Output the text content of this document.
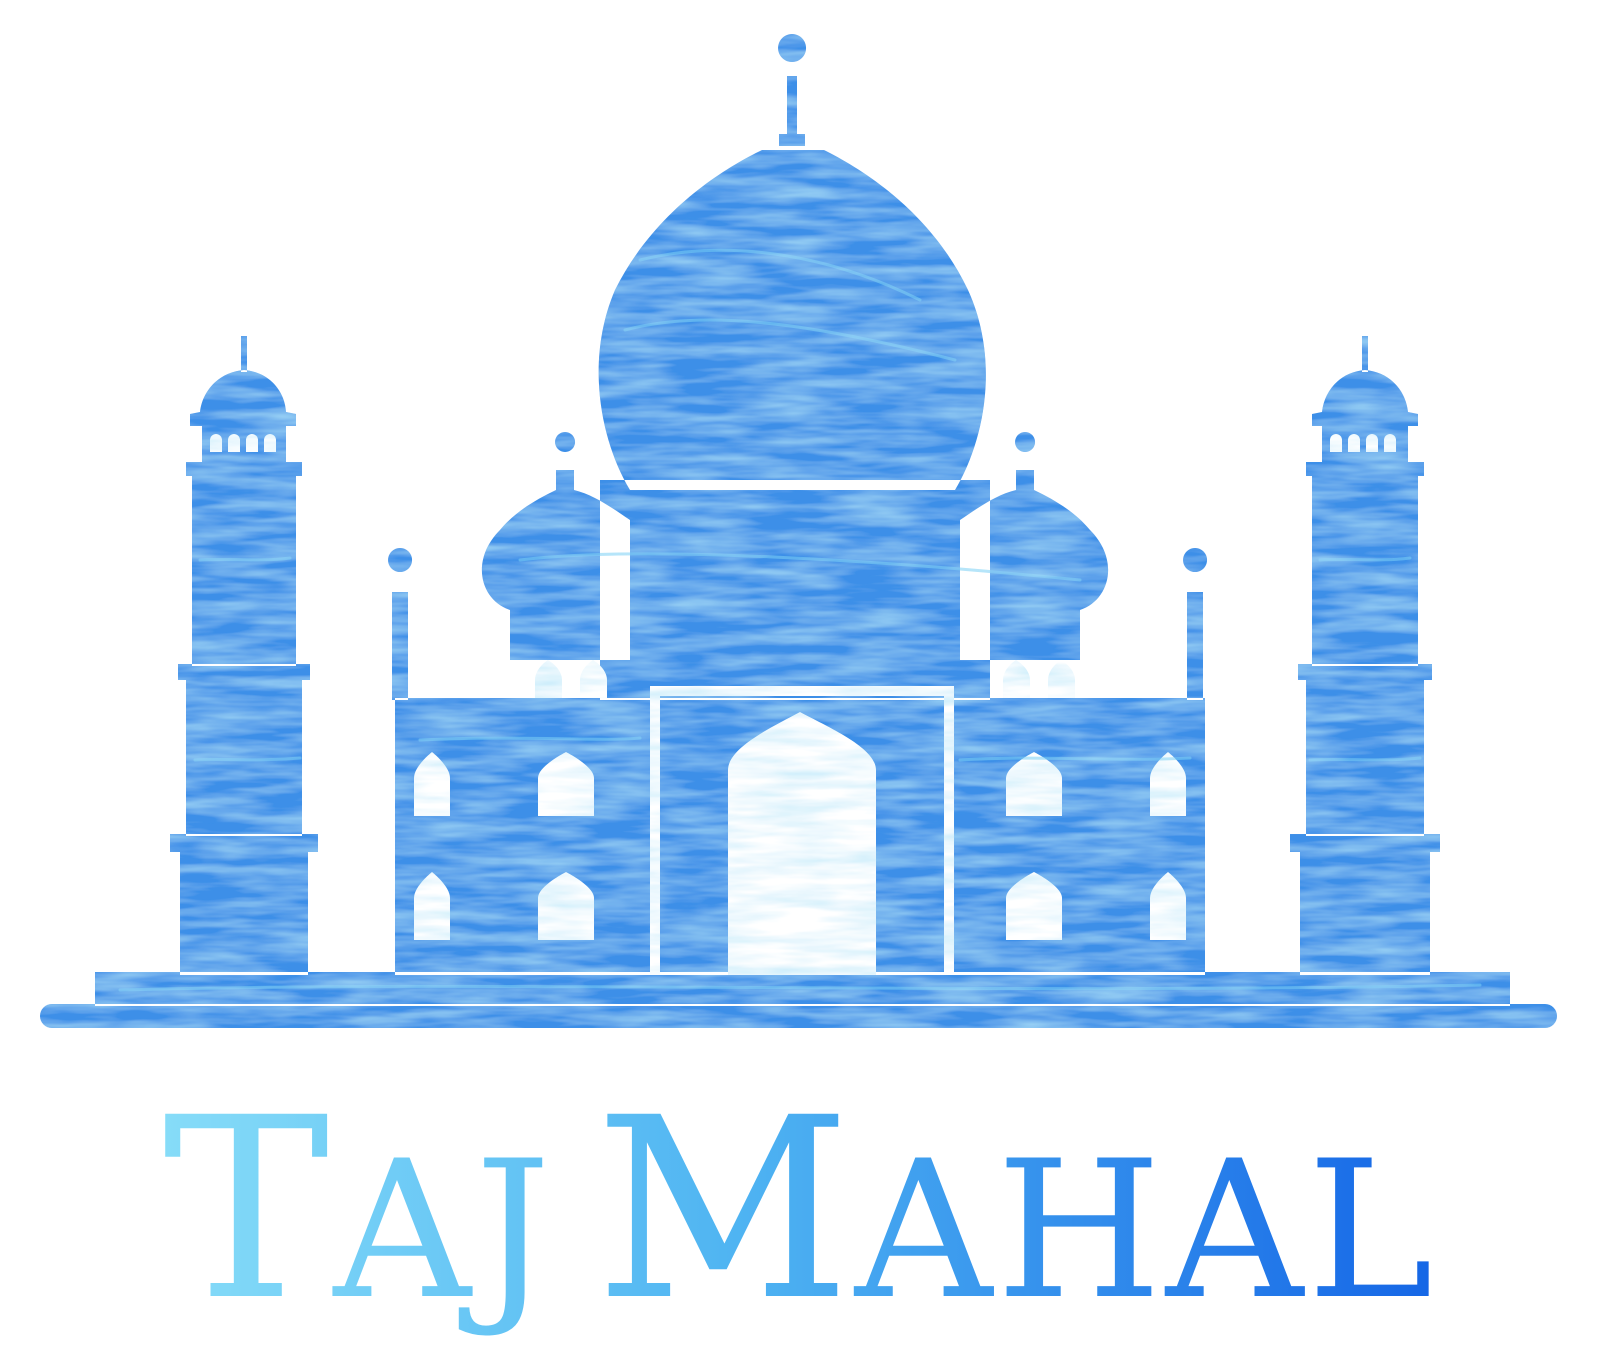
TAJ MAHAL
